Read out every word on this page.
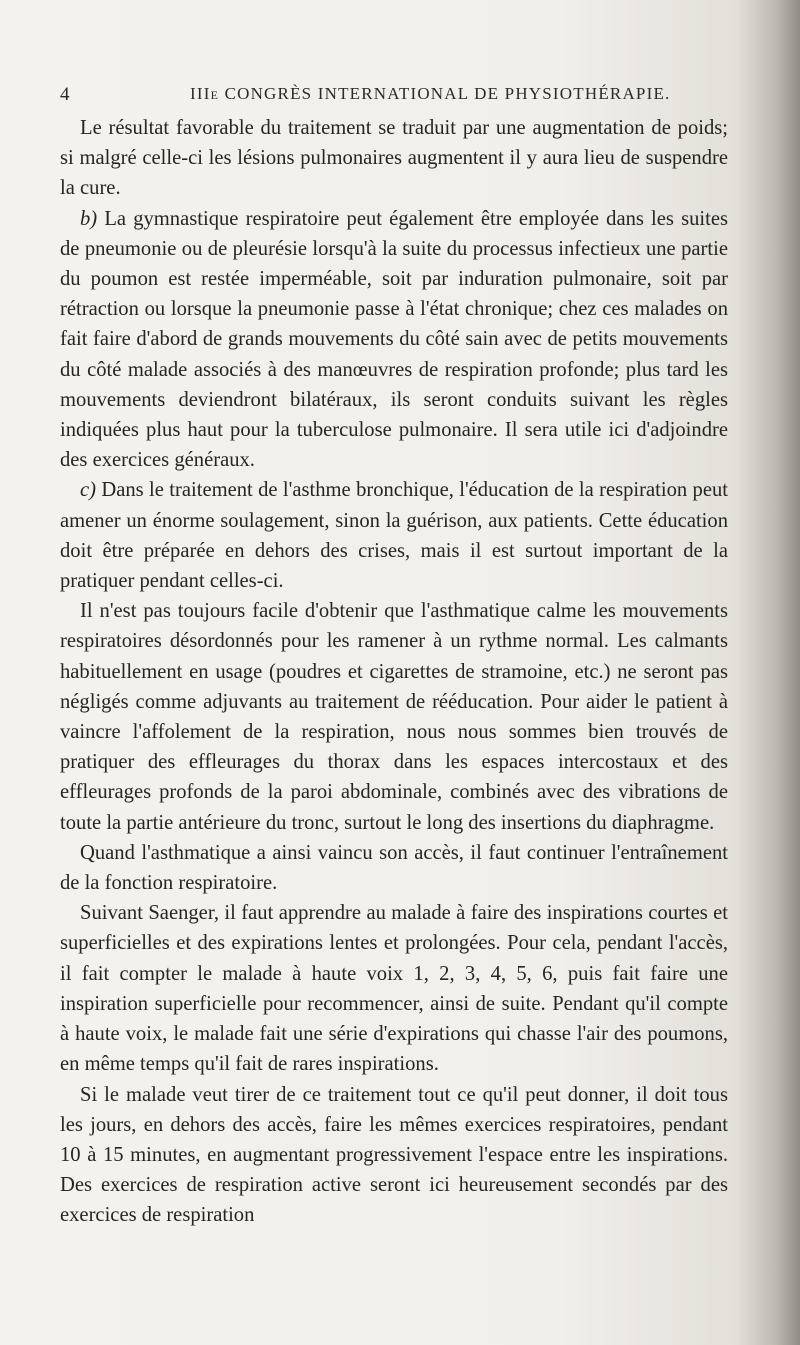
4	IIIe CONGRÈS INTERNATIONAL DE PHYSIOTHÉRAPIE.

Le résultat favorable du traitement se traduit par une augmentation de poids; si malgré celle-ci les lésions pulmonaires augmentent il y aura lieu de suspendre la cure.

b) La gymnastique respiratoire peut également être employée dans les suites de pneumonie ou de pleurésie lorsqu'à la suite du processus infectieux une partie du poumon est restée imperméable, soit par induration pulmonaire, soit par rétraction ou lorsque la pneumonie passe à l'état chronique; chez ces malades on fait faire d'abord de grands mouvements du côté sain avec de petits mouvements du côté malade associés à des manœuvres de respiration profonde; plus tard les mouvements deviendront bilatéraux, ils seront conduits suivant les règles indiquées plus haut pour la tuberculose pulmonaire. Il sera utile ici d'adjoindre des exercices généraux.

c) Dans le traitement de l'asthme bronchique, l'éducation de la respiration peut amener un énorme soulagement, sinon la guérison, aux patients. Cette éducation doit être préparée en dehors des crises, mais il est surtout important de la pratiquer pendant celles-ci.

Il n'est pas toujours facile d'obtenir que l'asthmatique calme les mouvements respiratoires désordonnés pour les ramener à un rythme normal. Les calmants habituellement en usage (poudres et cigarettes de stramoine, etc.) ne seront pas négligés comme adjuvants au traitement de rééducation. Pour aider le patient à vaincre l'affolement de la respiration, nous nous sommes bien trouvés de pratiquer des effleurages du thorax dans les espaces intercostaux et des effleurages profonds de la paroi abdominale, combinés avec des vibrations de toute la partie antérieure du tronc, surtout le long des insertions du diaphragme.

Quand l'asthmatique a ainsi vaincu son accès, il faut continuer l'entraînement de la fonction respiratoire.

Suivant Saenger, il faut apprendre au malade à faire des inspirations courtes et superficielles et des expirations lentes et prolongées. Pour cela, pendant l'accès, il fait compter le malade à haute voix 1, 2, 3, 4, 5, 6, puis fait faire une inspiration superficielle pour recommencer, ainsi de suite. Pendant qu'il compte à haute voix, le malade fait une série d'expirations qui chasse l'air des poumons, en même temps qu'il fait de rares inspirations.

Si le malade veut tirer de ce traitement tout ce qu'il peut donner, il doit tous les jours, en dehors des accès, faire les mêmes exercices respiratoires, pendant 10 à 15 minutes, en augmentant progressivement l'espace entre les inspirations. Des exercices de respiration active seront ici heureusement secondés par des exercices de respiration
